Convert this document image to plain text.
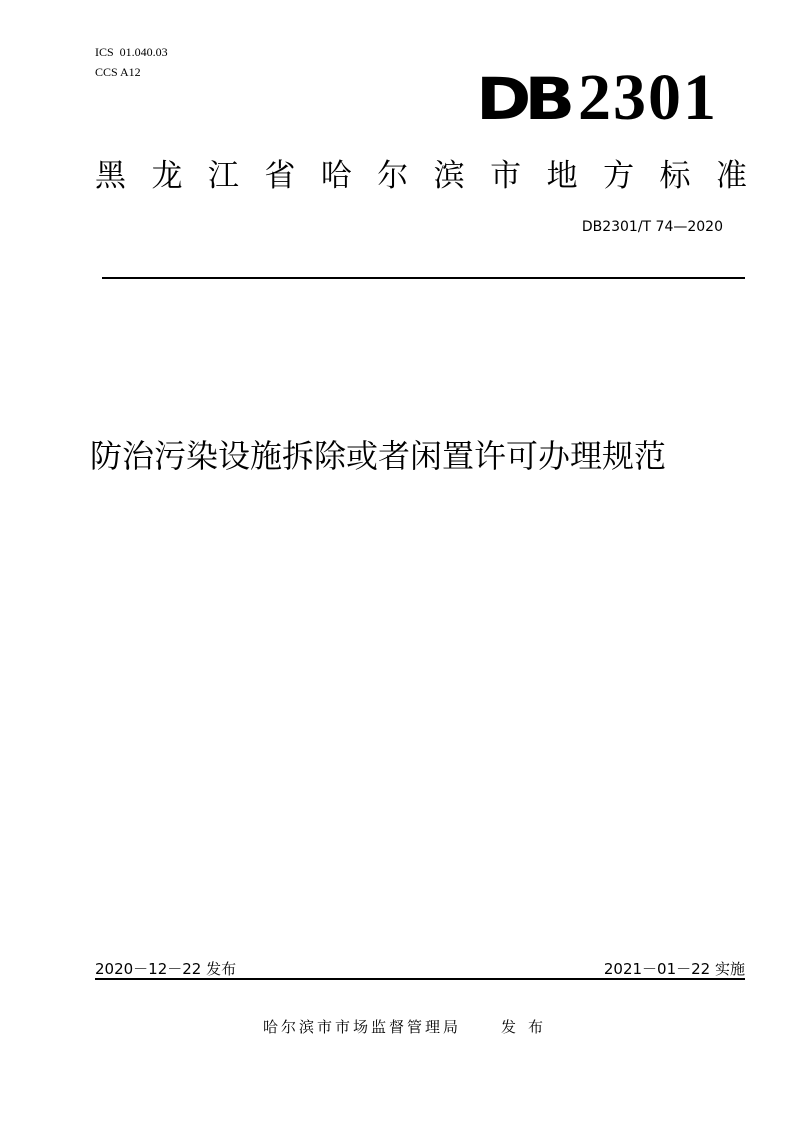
ICS  01.040.03
CCS A12	DB 2301
黑 龙 江 省 哈 尔 滨 市 地 方 标 准
DB2301/T 74—2020
防治污染设施拆除或者闲置许可办理规范
2020－12－22 发布	2021－01－22 实施
哈尔滨市市场监督管理局	发布
